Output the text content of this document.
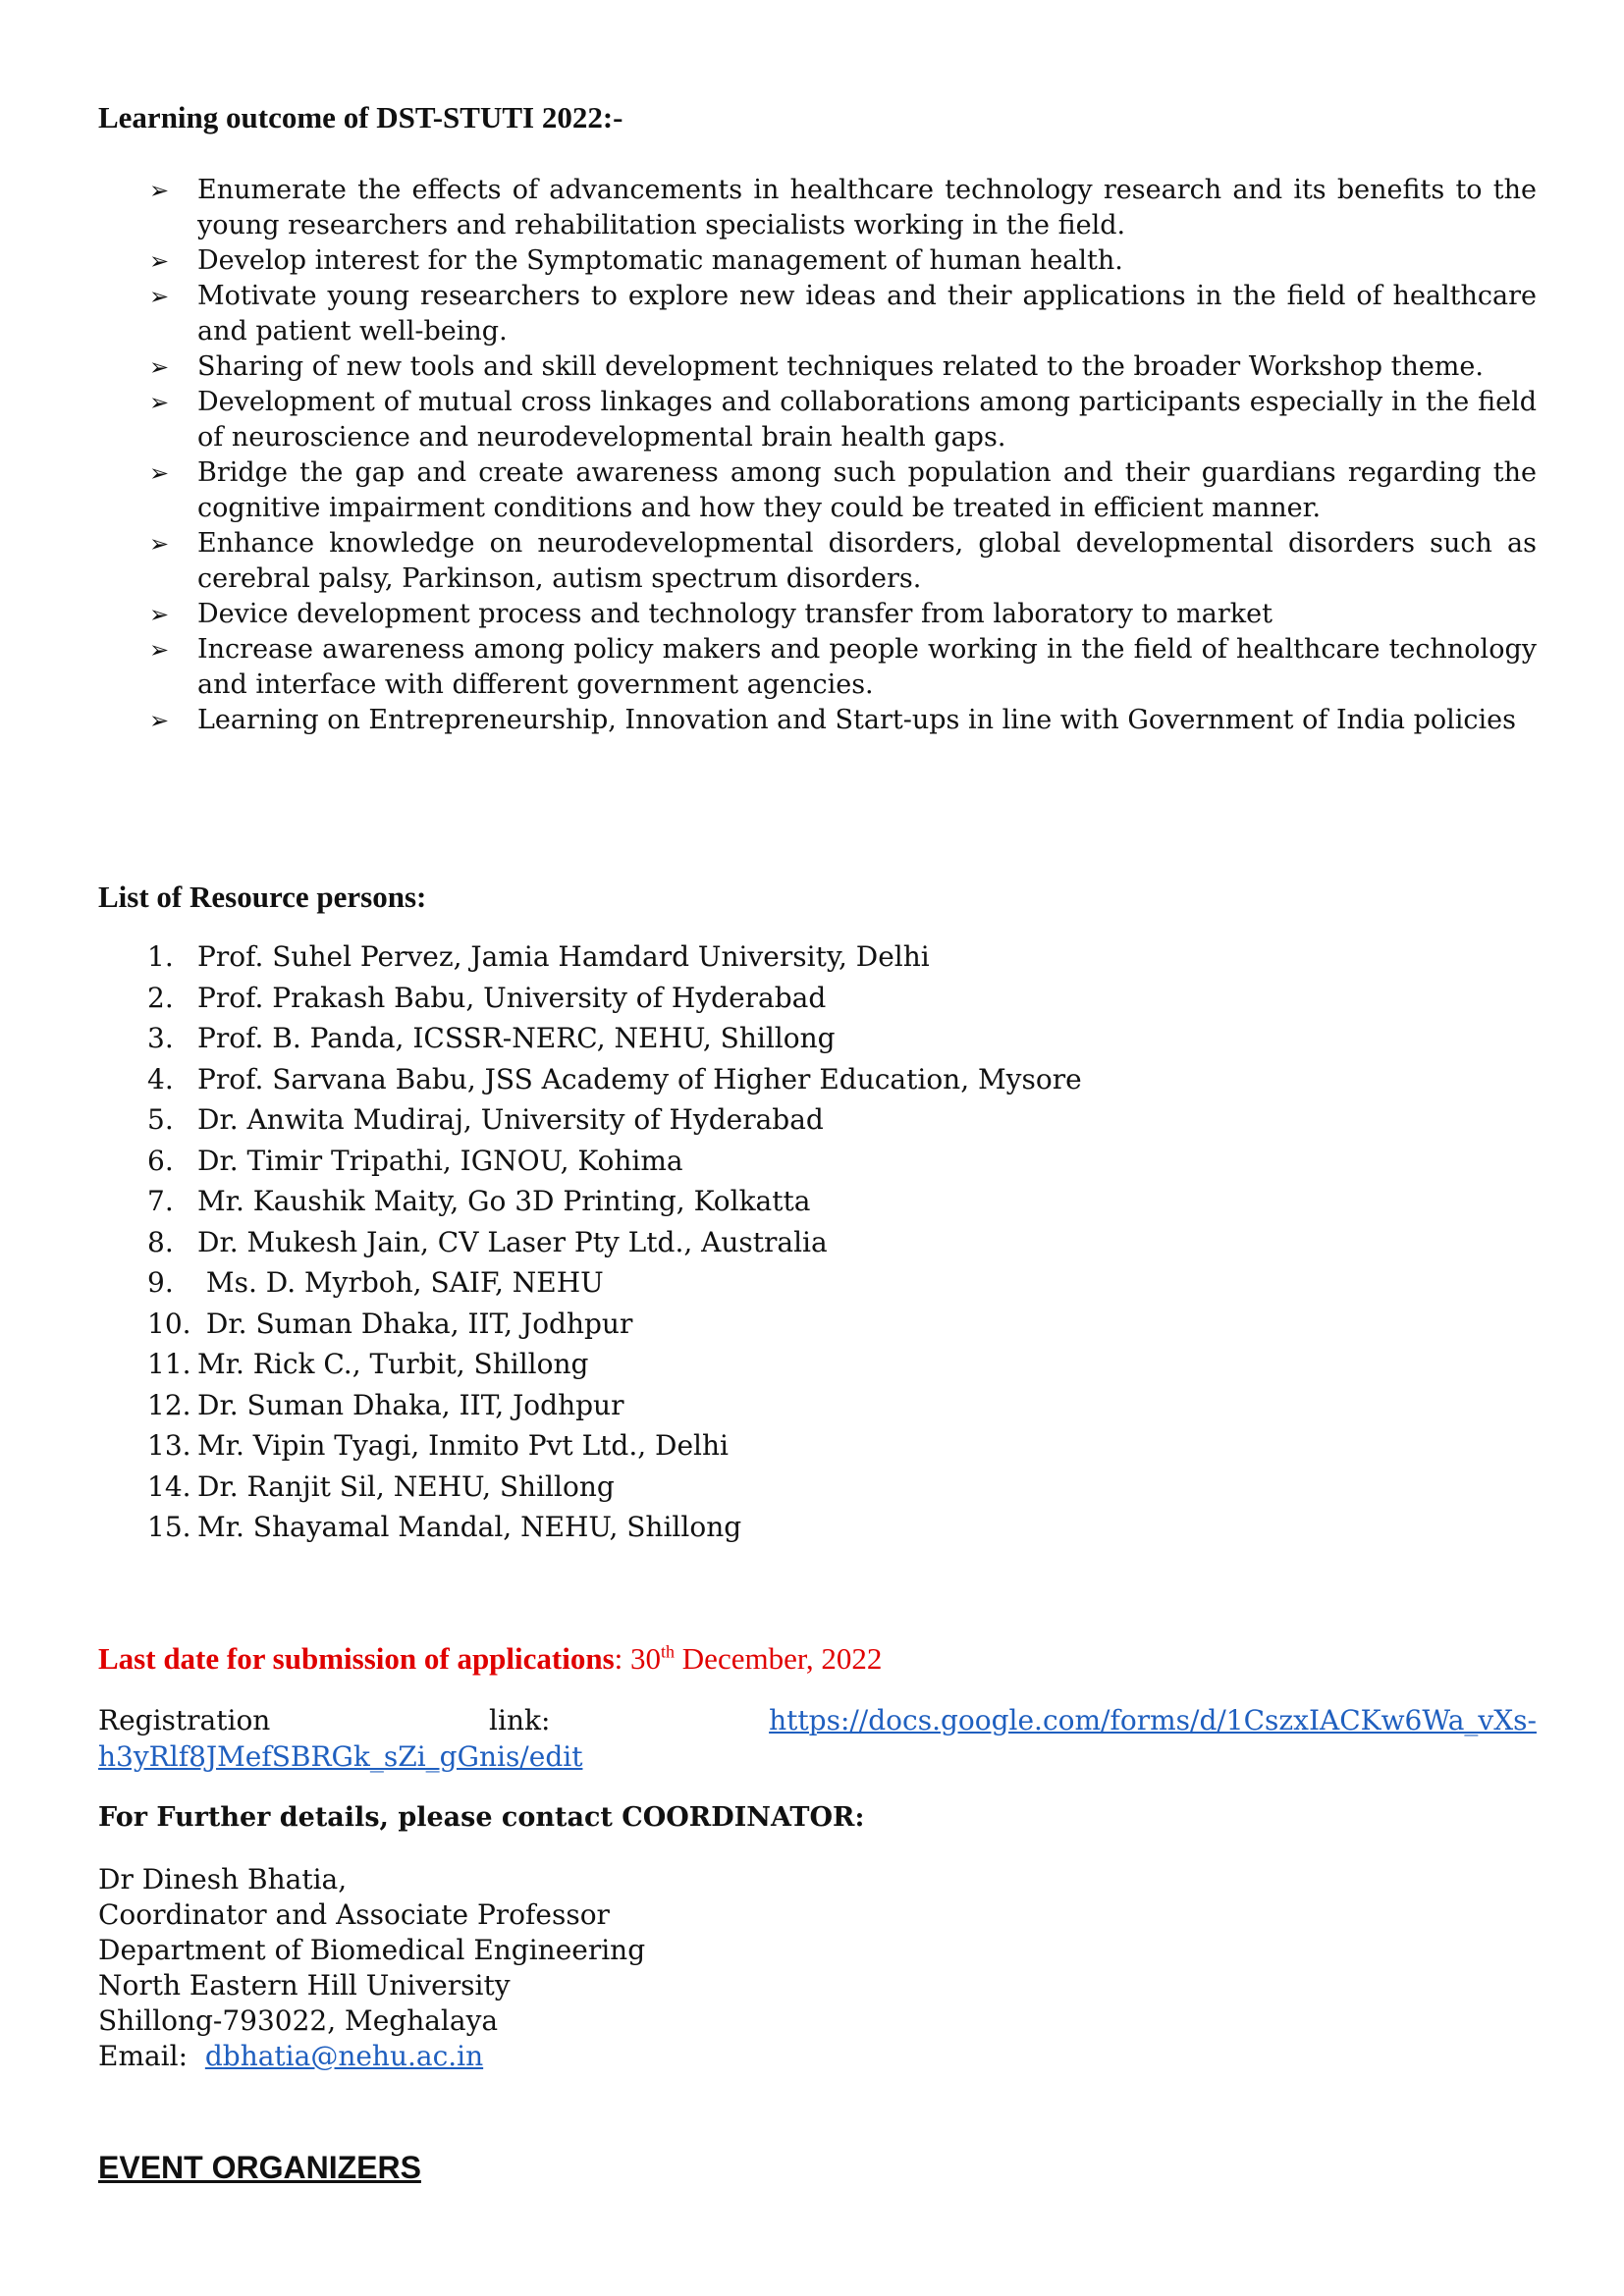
Learning outcome of DST-STUTI 2022:-
➢ Enumerate the effects of advancements in healthcare technology research and its benefits to the young researchers and rehabilitation specialists working in the field.
➢ Develop interest for the Symptomatic management of human health.
➢ Motivate young researchers to explore new ideas and their applications in the field of healthcare and patient well-being.
➢ Sharing of new tools and skill development techniques related to the broader Workshop theme.
➢ Development of mutual cross linkages and collaborations among participants especially in the field of neuroscience and neurodevelopmental brain health gaps.
➢ Bridge the gap and create awareness among such population and their guardians regarding the cognitive impairment conditions and how they could be treated in efficient manner.
➢ Enhance knowledge on neurodevelopmental disorders, global developmental disorders such as cerebral palsy, Parkinson, autism spectrum disorders.
➢ Device development process and technology transfer from laboratory to market
➢ Increase awareness among policy makers and people working in the field of healthcare technology and interface with different government agencies.
➢ Learning on Entrepreneurship, Innovation and Start-ups in line with Government of India policies
List of Resource persons:
1. Prof. Suhel Pervez, Jamia Hamdard University, Delhi
2. Prof. Prakash Babu, University of Hyderabad
3. Prof. B. Panda, ICSSR-NERC, NEHU, Shillong
4. Prof. Sarvana Babu, JSS Academy of Higher Education, Mysore
5. Dr. Anwita Mudiraj, University of Hyderabad
6. Dr. Timir Tripathi, IGNOU, Kohima
7. Mr. Kaushik Maity, Go 3D Printing, Kolkatta
8. Dr. Mukesh Jain, CV Laser Pty Ltd., Australia
9. Ms. D. Myrboh, SAIF, NEHU
10. Dr. Suman Dhaka, IIT, Jodhpur
11. Mr. Rick C., Turbit, Shillong
12. Dr. Suman Dhaka, IIT, Jodhpur
13. Mr. Vipin Tyagi, Inmito Pvt Ltd., Delhi
14. Dr. Ranjit Sil, NEHU, Shillong
15. Mr. Shayamal Mandal, NEHU, Shillong
Last date for submission of applications: 30th December, 2022
Registration	link:	https://docs.google.com/forms/d/1CszxIACKw6Wa_vXs-
h3yRlf8JMefSBRGk_sZi_gGnis/edit
For Further details, please contact COORDINATOR:
Dr Dinesh Bhatia,
Coordinator and Associate Professor
Department of Biomedical Engineering
North Eastern Hill University
Shillong-793022, Meghalaya
Email: dbhatia@nehu.ac.in
EVENT ORGANIZERS
